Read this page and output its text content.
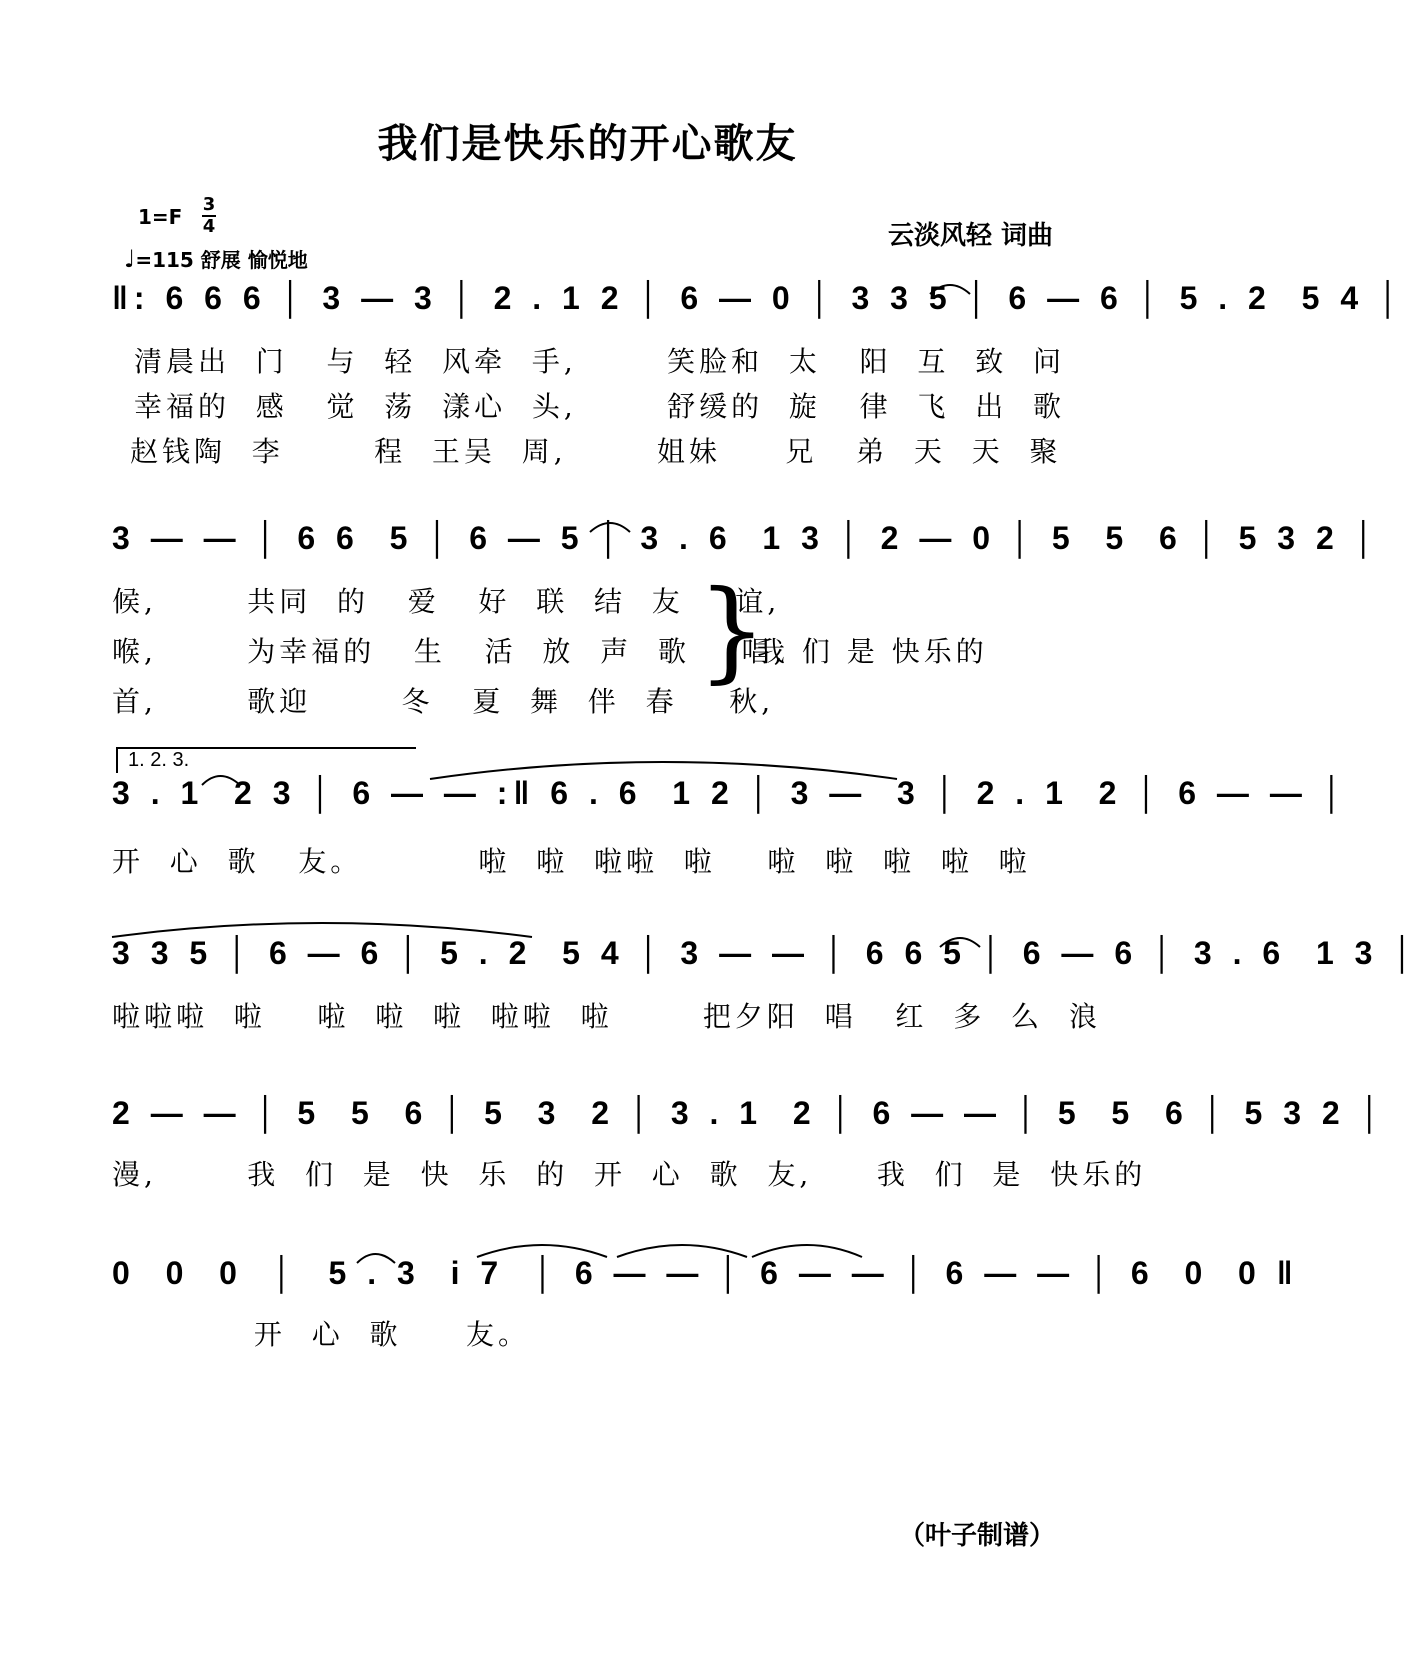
我们是快乐的开心歌友
1=F
3
4
♩=115 舒展 愉悦地
云淡风轻 词曲
‖: 6 6 6 │ 3 — 3 │ 2 . 1 2 │ 6 — 0 │ 3 3 5 │ 6 — 6 │ 5 . 2  5 4 │
清晨出  门   与  轻  风牵  手,       笑脸和  太   阳  互  致  问
幸福的  感   觉  荡  漾心  头,       舒缓的  旋   律  飞  出  歌
赵钱陶  李       程  王吴  周,       姐妹     兄   弟  天  天  聚
3 — — │ 6 6  5 │ 6 — 5 │ 3 . 6  1 3 │ 2 — 0 │ 5  5  6 │ 5 3 2 │
候,       共同  的   爱   好  联  结  友    谊,
喉,       为幸福的   生   活  放  声  歌    唱,
首,       歌迎       冬   夏  舞  伴  春    秋,
}
我 们 是 快乐的
1. 2. 3.
3 . 1  2 3 │ 6 — — :‖ 6 . 6  1 2 │ 3 —  3 │ 2 . 1  2 │ 6 — — │
开  心  歌   友。         啦  啦  啦啦  啦    啦  啦  啦  啦  啦
3 3 5 │ 6 — 6 │ 5 . 2  5 4 │ 3 — — │ 6 6 5 │ 6 — 6 │ 3 . 6  1 3 │
啦啦啦  啦    啦  啦  啦  啦啦  啦       把夕阳  唱   红  多  么  浪
2 — — │ 5  5  6 │ 5  3  2 │ 3 . 1  2 │ 6 — — │ 5  5  6 │ 5 3 2 │
漫,       我  们  是  快  乐  的  开  心  歌  友,     我  们  是  快乐的
0  0  0  │  5 . 3  i 7  │ 6 — — │ 6 — — │ 6 — — │ 6  0  0 ‖
开  心  歌     友。
（叶子制谱）
